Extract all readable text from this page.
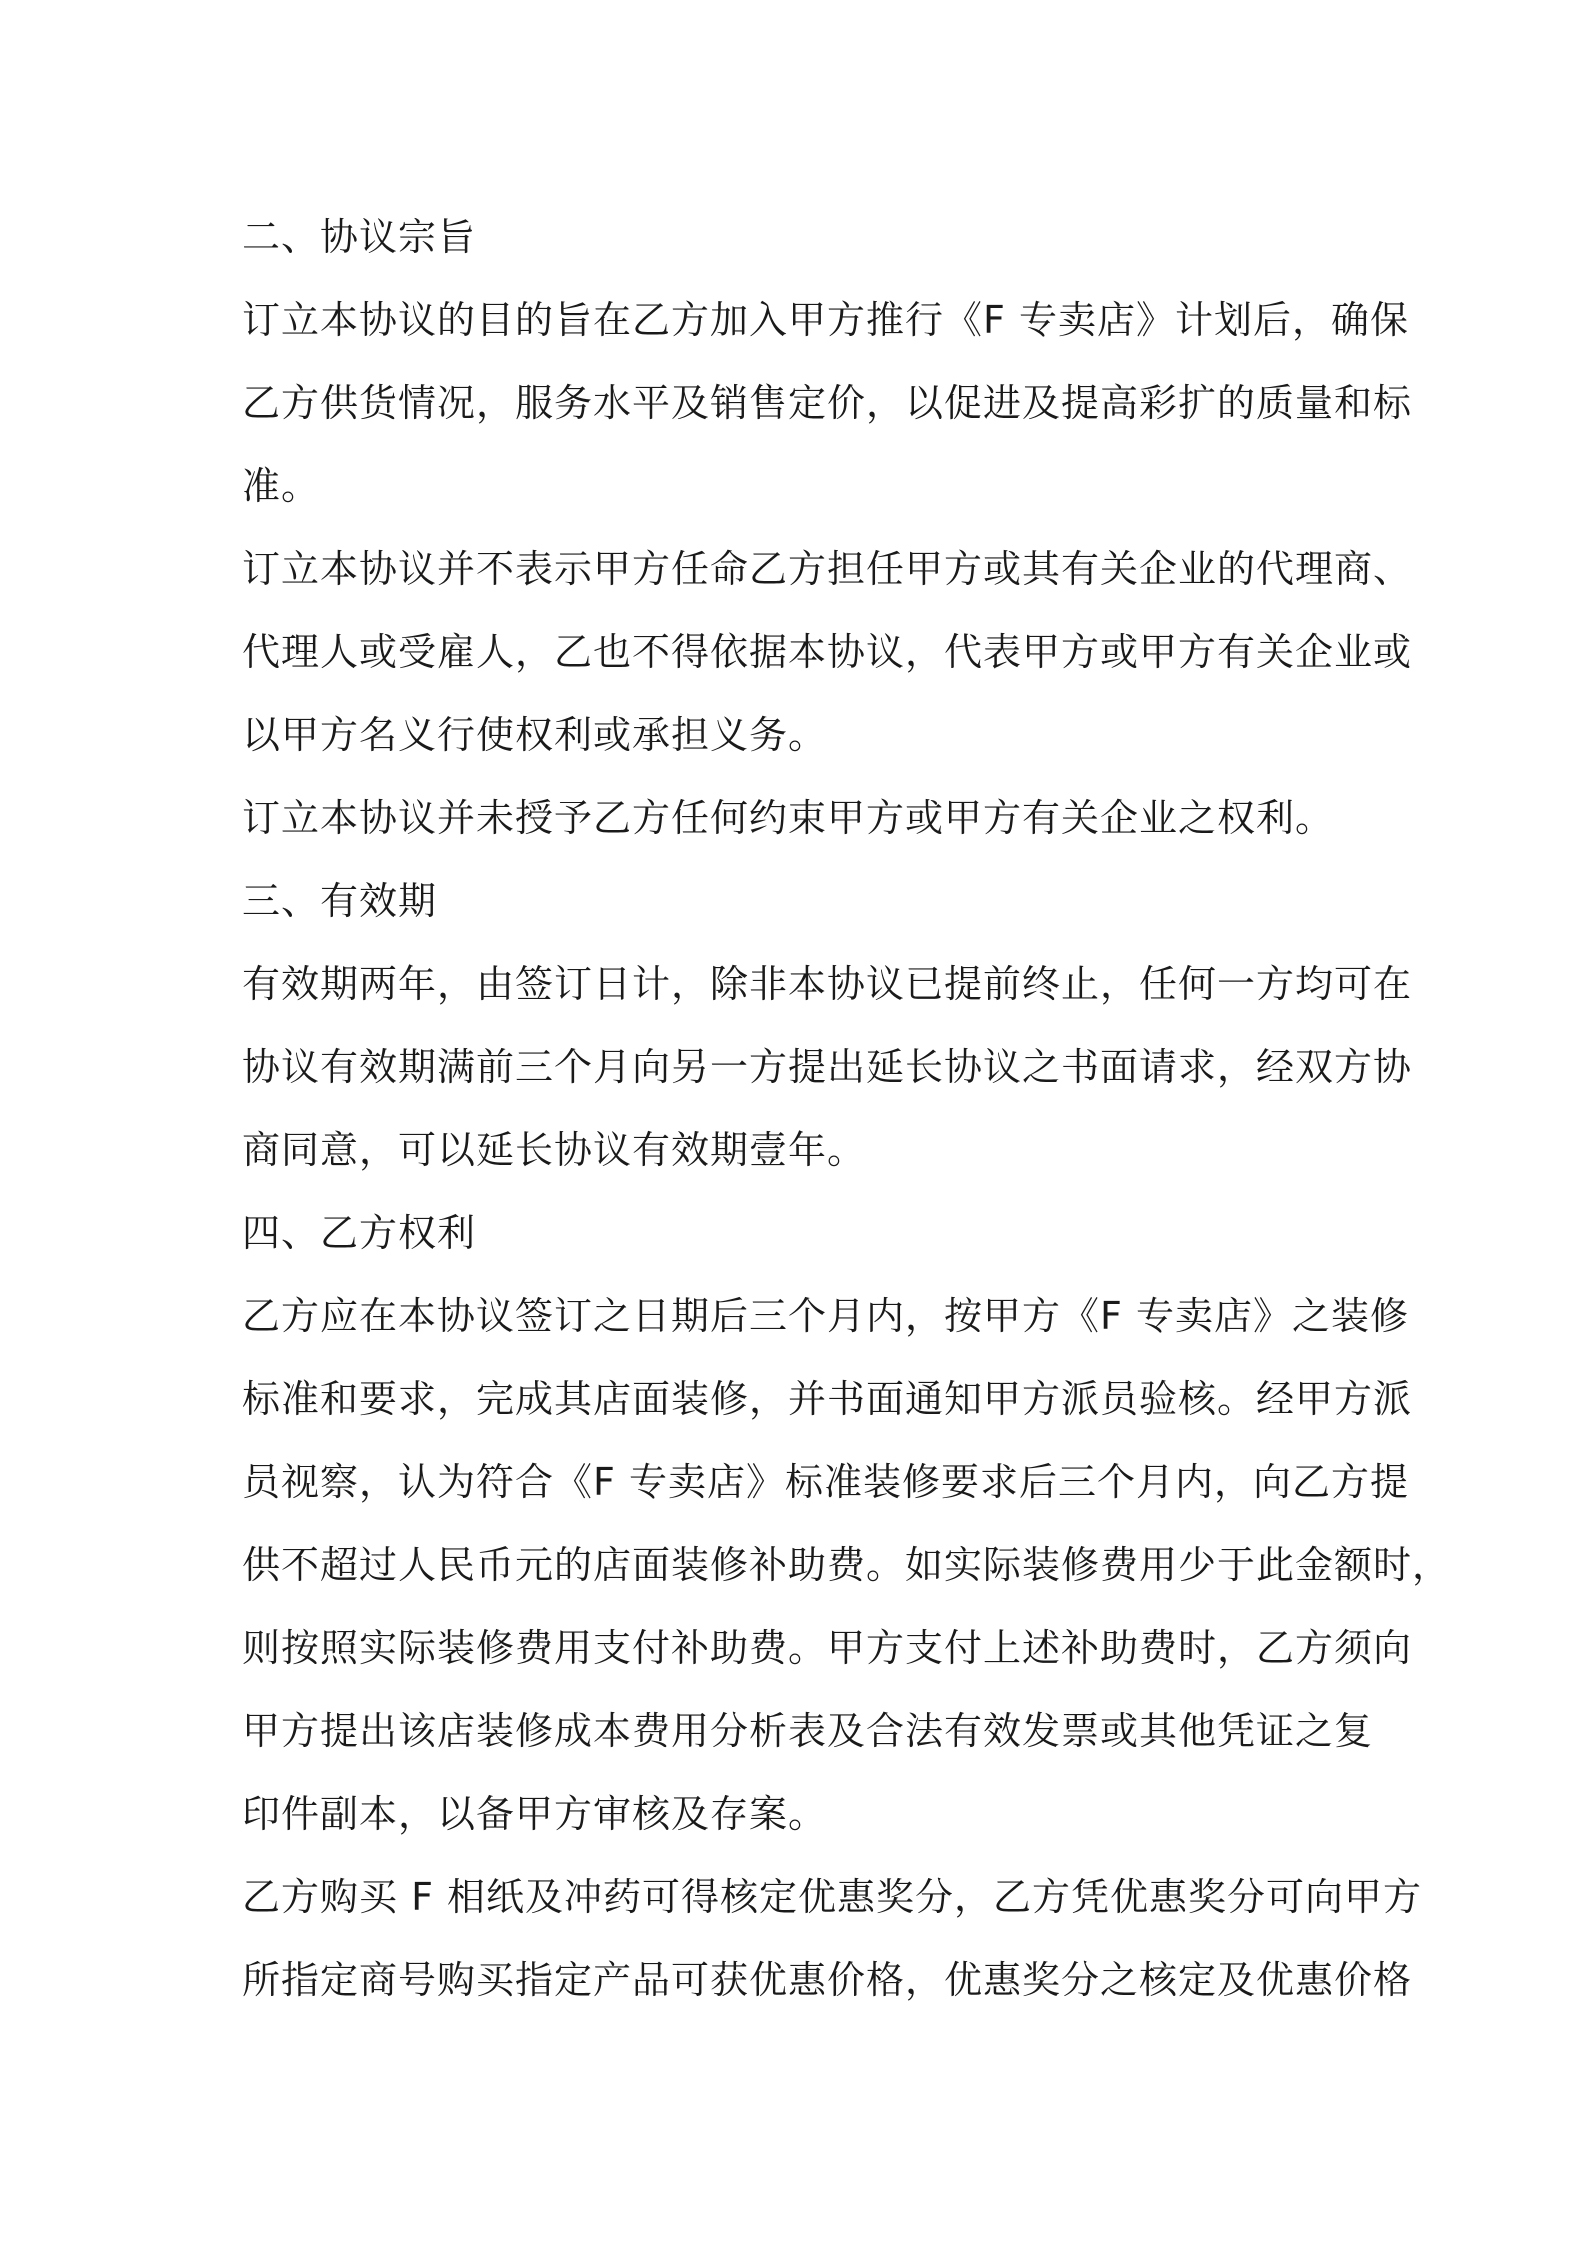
二、协议宗旨
订立本协议的目的旨在乙方加入甲方推行《F 专卖店》计划后，确保
乙方供货情况，服务水平及销售定价，以促进及提高彩扩的质量和标
准。
订立本协议并不表示甲方任命乙方担任甲方或其有关企业的代理商、
代理人或受雇人，乙也不得依据本协议，代表甲方或甲方有关企业或
以甲方名义行使权利或承担义务。
订立本协议并未授予乙方任何约束甲方或甲方有关企业之权利。
三、有效期
有效期两年，由签订日计，除非本协议已提前终止，任何一方均可在
协议有效期满前三个月向另一方提出延长协议之书面请求，经双方协
商同意，可以延长协议有效期壹年。
四、乙方权利
乙方应在本协议签订之日期后三个月内，按甲方《F 专卖店》之装修
标准和要求，完成其店面装修，并书面通知甲方派员验核。经甲方派
员视察，认为符合《F 专卖店》标准装修要求后三个月内，向乙方提
供不超过人民币元的店面装修补助费。如实际装修费用少于此金额时，
则按照实际装修费用支付补助费。甲方支付上述补助费时，乙方须向
甲方提出该店装修成本费用分析表及合法有效发票或其他凭证之复
印件副本，以备甲方审核及存案。
乙方购买 F 相纸及冲药可得核定优惠奖分，乙方凭优惠奖分可向甲方
所指定商号购买指定产品可获优惠价格，优惠奖分之核定及优惠价格
